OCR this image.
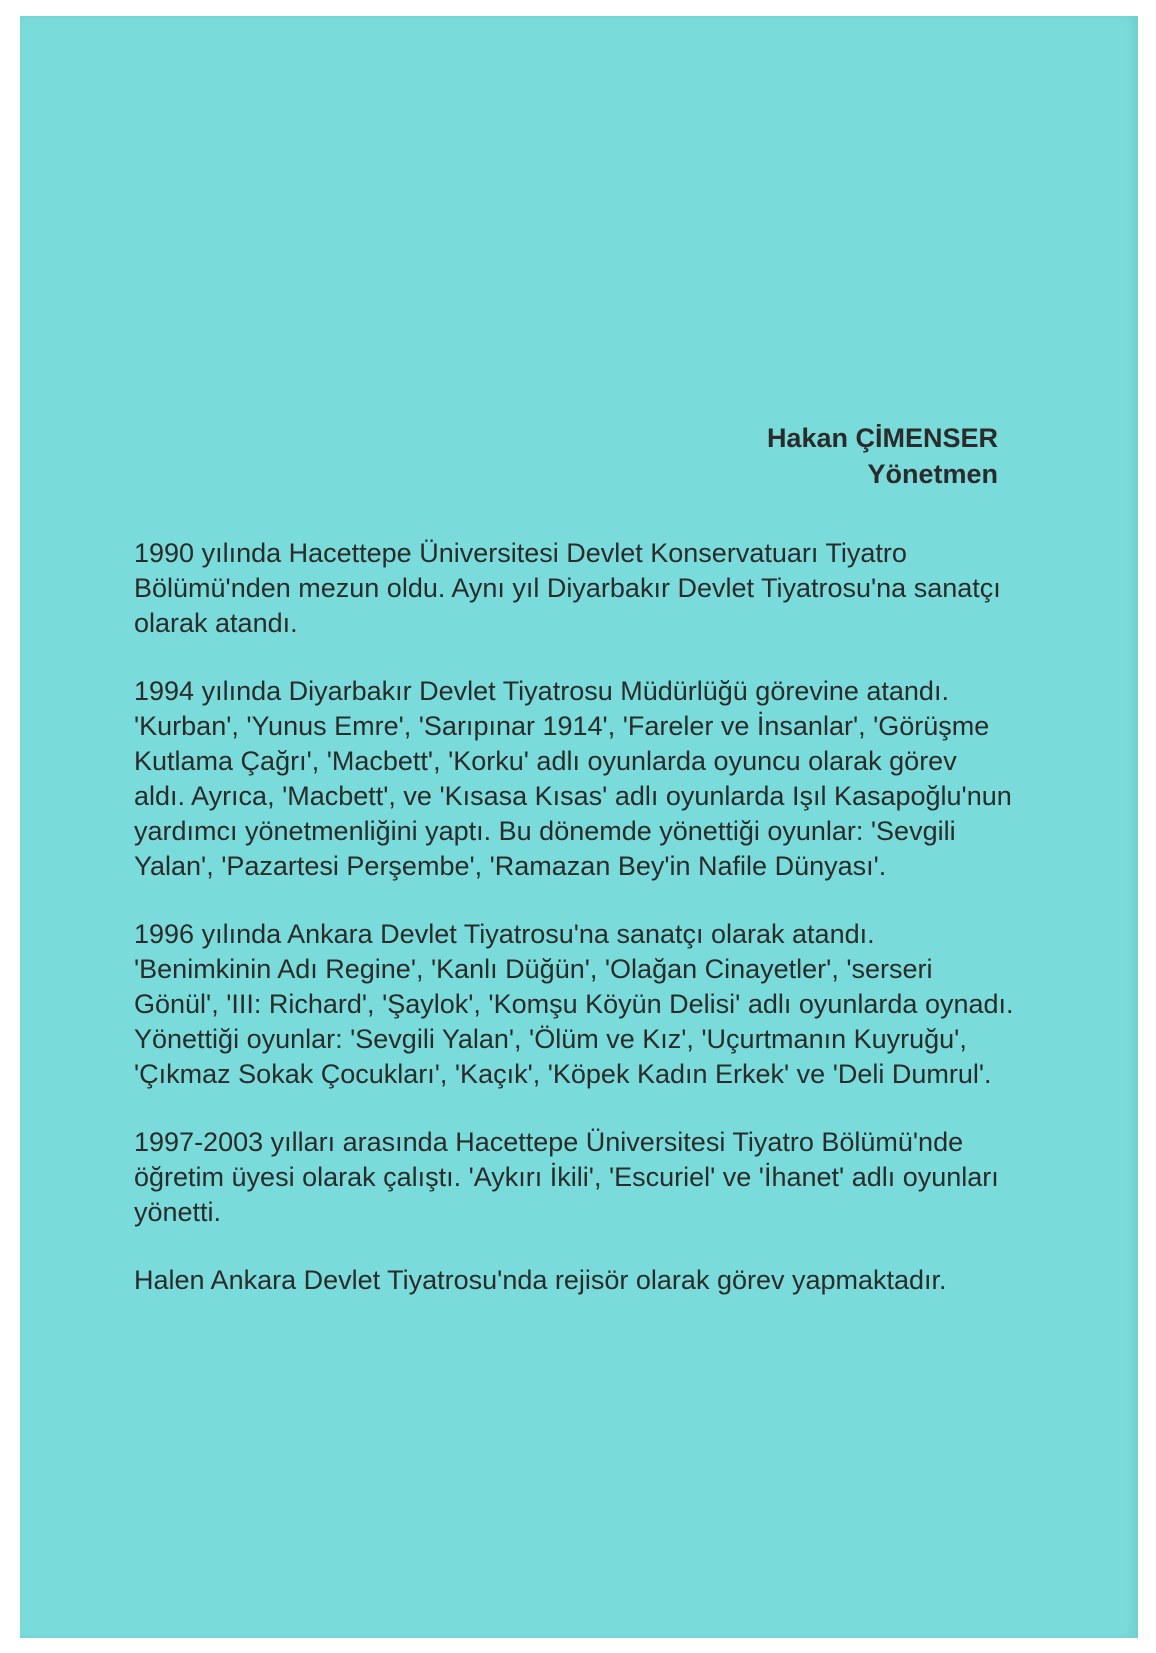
Hakan ÇİMENSER
Yönetmen

1990 yılında Hacettepe Üniversitesi Devlet Konservatuarı Tiyatro Bölümü'nden mezun oldu. Aynı yıl Diyarbakır Devlet Tiyatrosu'na sanatçı olarak atandı.

1994 yılında Diyarbakır Devlet Tiyatrosu Müdürlüğü görevine atandı. 'Kurban', 'Yunus Emre', 'Sarıpınar 1914', 'Fareler ve İnsanlar', 'Görüşme Kutlama Çağrı', 'Macbett', 'Korku' adlı oyunlarda oyuncu olarak görev aldı. Ayrıca, 'Macbett', ve 'Kısasa Kısas' adlı oyunlarda Işıl Kasapoğlu'nun yardımcı yönetmenliğini yaptı. Bu dönemde yönettiği oyunlar: 'Sevgili Yalan', 'Pazartesi Perşembe', 'Ramazan Bey'in Nafile Dünyası'.

1996 yılında Ankara Devlet Tiyatrosu'na sanatçı olarak atandı. 'Benimkinin Adı Regine', 'Kanlı Düğün', 'Olağan Cinayetler', 'serseri Gönül', 'III: Richard', 'Şaylok', 'Komşu Köyün Delisi' adlı oyunlarda oynadı. Yönettiği oyunlar: 'Sevgili Yalan', 'Ölüm ve Kız', 'Uçurtmanın Kuyruğu', 'Çıkmaz Sokak Çocukları', 'Kaçık', 'Köpek Kadın Erkek' ve 'Deli Dumrul'.

1997-2003 yılları arasında Hacettepe Üniversitesi Tiyatro Bölümü'nde öğretim üyesi olarak çalıştı. 'Aykırı İkili', 'Escuriel' ve 'İhanet' adlı oyunları yönetti.

Halen Ankara Devlet Tiyatrosu'nda rejisör olarak görev yapmaktadır.
